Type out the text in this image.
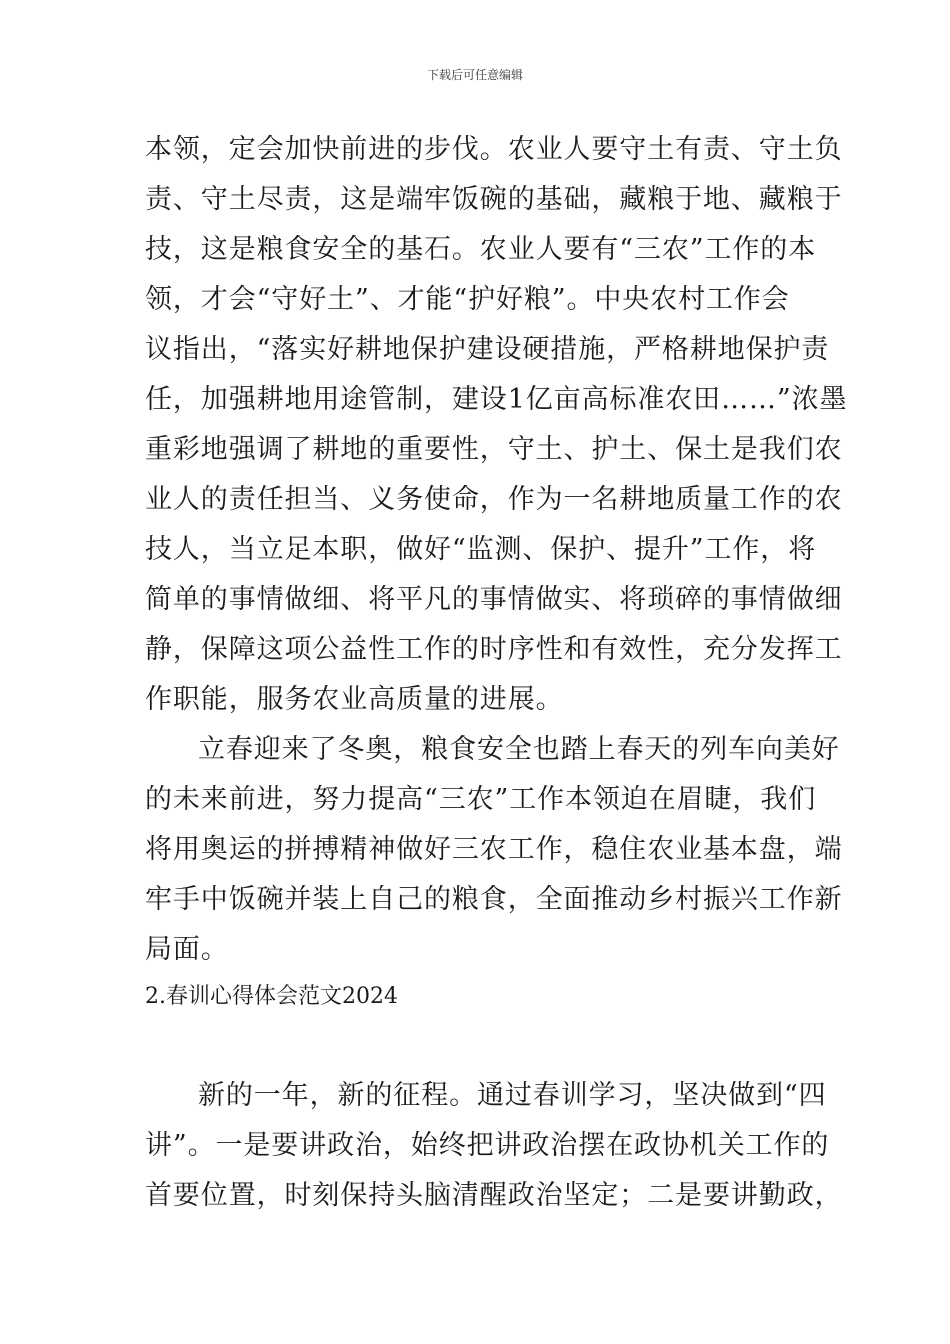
下载后可任意编辑
本领，定会加快前进的步伐。农业人要守土有责、守土负
责、守土尽责，这是端牢饭碗的基础，藏粮于地、藏粮于
技，这是粮食安全的基石。农业人要有“三农”工作的本
领，才会“守好土”、才能“护好粮”。中央农村工作会
议指出，“落实好耕地保护建设硬措施，严格耕地保护责
任，加强耕地用途管制，建设1亿亩高标准农田……”浓墨
重彩地强调了耕地的重要性，守土、护土、保土是我们农
业人的责任担当、义务使命，作为一名耕地质量工作的农
技人，当立足本职，做好“监测、保护、提升”工作，将
简单的事情做细、将平凡的事情做实、将琐碎的事情做细
静，保障这项公益性工作的时序性和有效性，充分发挥工
作职能，服务农业高质量的进展。
立春迎来了冬奥，粮食安全也踏上春天的列车向美好
的未来前进，努力提高“三农”工作本领迫在眉睫，我们
将用奥运的拼搏精神做好三农工作，稳住农业基本盘，端
牢手中饭碗并装上自己的粮食，全面推动乡村振兴工作新
局面。
2.春训心得体会范文2024
新的一年，新的征程。通过春训学习，坚决做到“四
讲”。一是要讲政治，始终把讲政治摆在政协机关工作的
首要位置，时刻保持头脑清醒政治坚定；二是要讲勤政，
